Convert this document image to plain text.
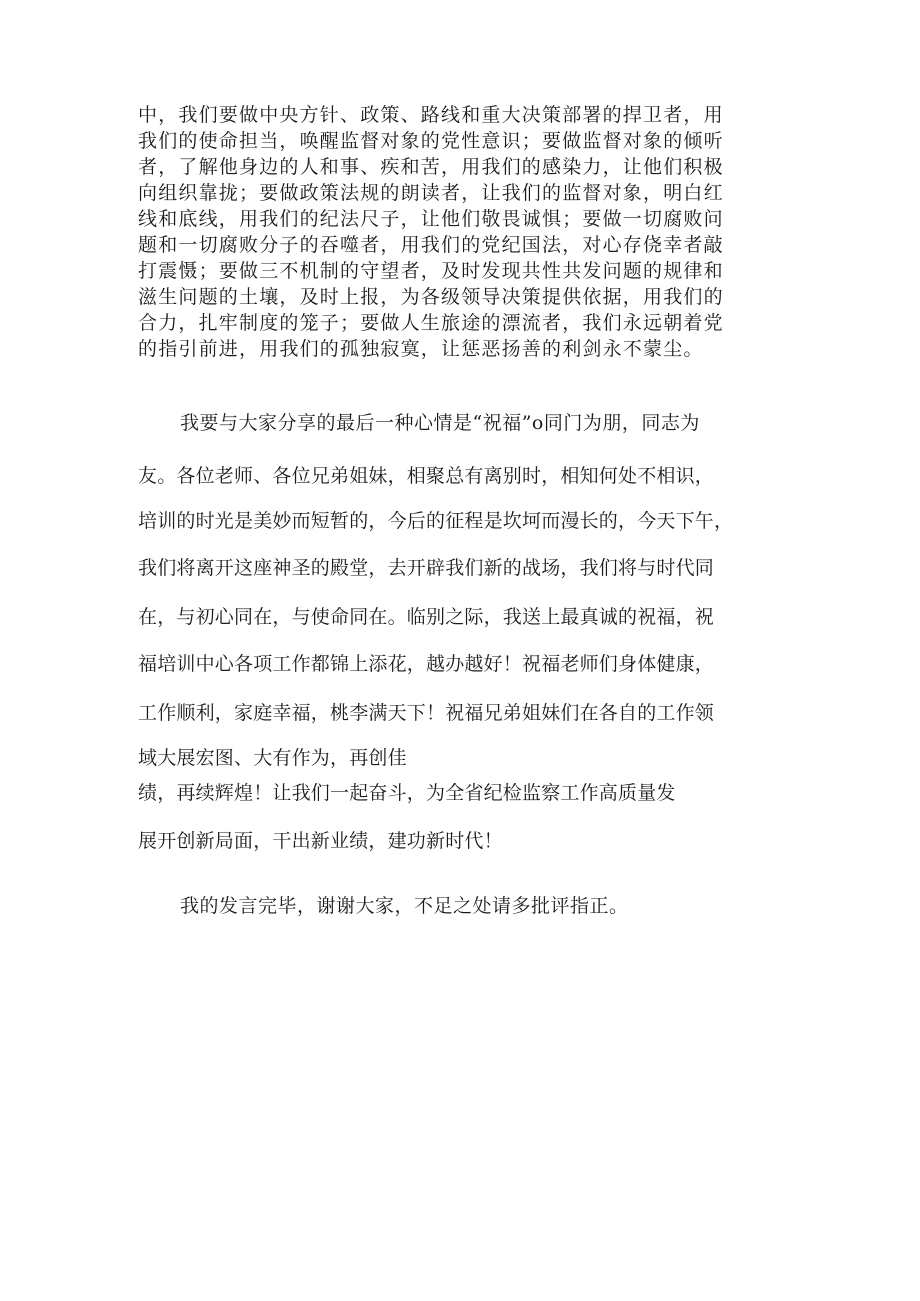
中，我们要做中央方针、政策、路线和重大决策部署的捍卫者，用
我们的使命担当，唤醒监督对象的党性意识；要做监督对象的倾听
者，了解他身边的人和事、疾和苦，用我们的感染力，让他们积极
向组织靠拢；要做政策法规的朗读者，让我们的监督对象，明白红
线和底线，用我们的纪法尺子，让他们敬畏诚惧；要做一切腐败问
题和一切腐败分子的吞噬者，用我们的党纪国法，对心存侥幸者敲
打震慑；要做三不机制的守望者，及时发现共性共发问题的规律和
滋生问题的土壤，及时上报，为各级领导决策提供依据，用我们的
合力，扎牢制度的笼子；要做人生旅途的漂流者，我们永远朝着党
的指引前进，用我们的孤独寂寞，让惩恶扬善的利剑永不蒙尘。
我要与大家分享的最后一种心情是“祝福”o同门为朋，同志为
友。各位老师、各位兄弟姐妹，相聚总有离别时，相知何处不相识，
培训的时光是美妙而短暂的，今后的征程是坎坷而漫长的，今天下午，
我们将离开这座神圣的殿堂，去开辟我们新的战场，我们将与时代同
在，与初心同在，与使命同在。临别之际，我送上最真诚的祝福，祝
福培训中心各项工作都锦上添花，越办越好！祝福老师们身体健康，
工作顺利，家庭幸福，桃李满天下！祝福兄弟姐妹们在各自的工作领
域大展宏图、大有作为，再创佳
绩，再续辉煌！让我们一起奋斗，为全省纪检监察工作高质量发
展开创新局面，干出新业绩，建功新时代！
我的发言完毕，谢谢大家，不足之处请多批评指正。
